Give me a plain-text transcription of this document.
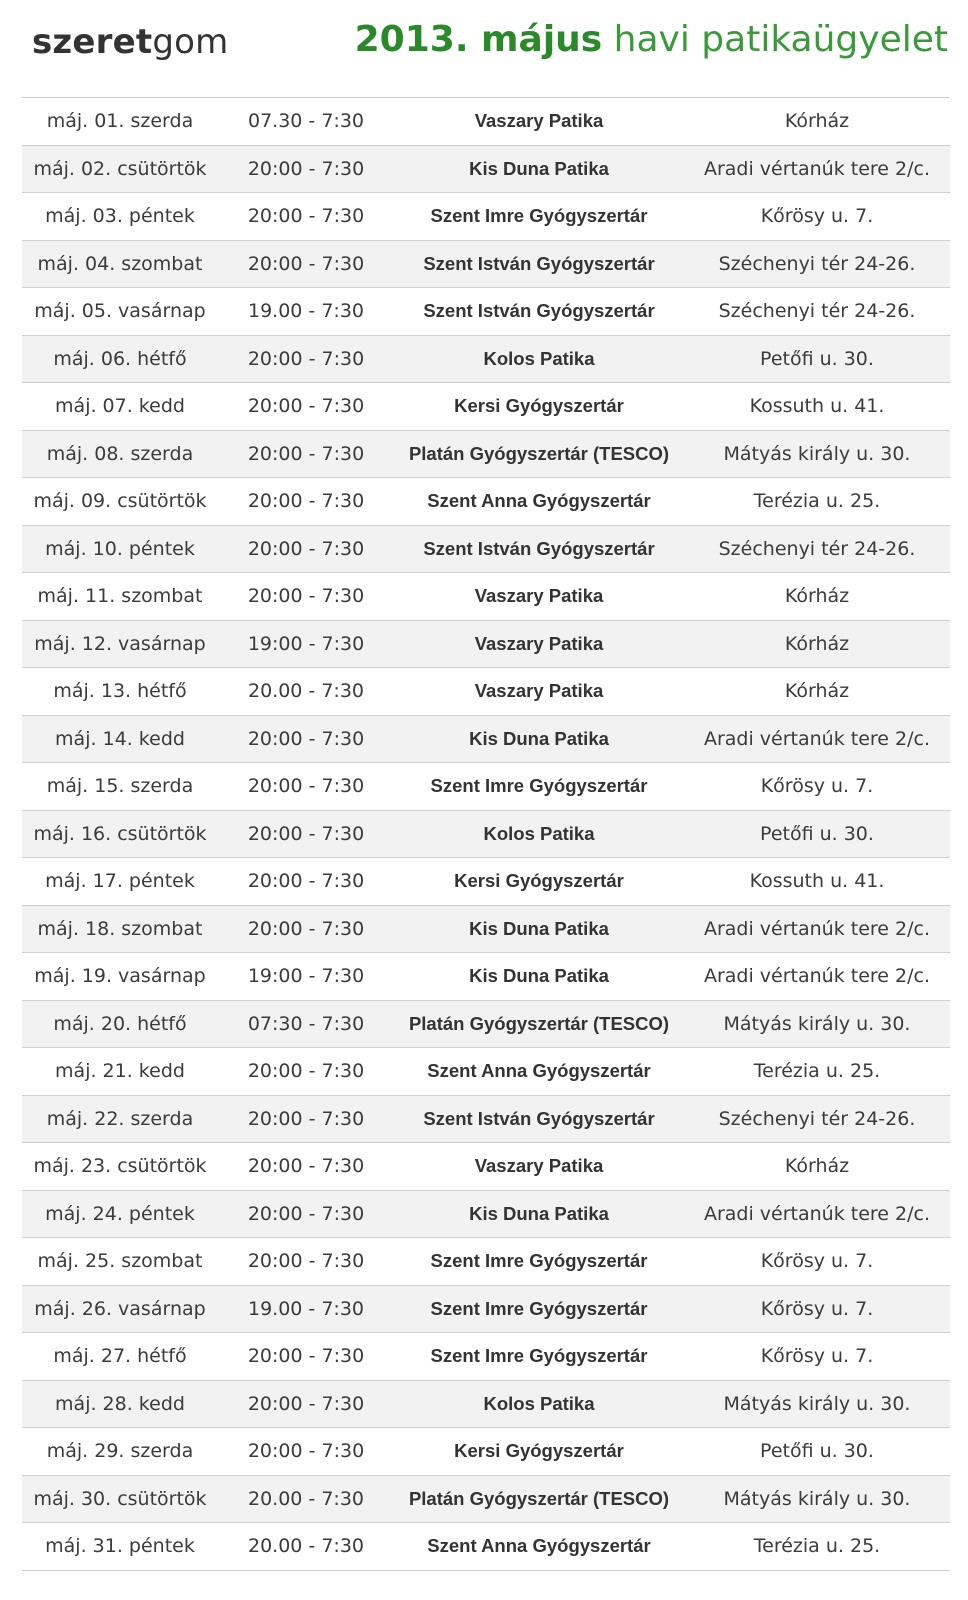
szeretgom	2013. május havi patikaügyelet
máj. 01. szerda	07.30 - 7:30	Vaszary Patika	Kórház
máj. 02. csütörtök	20:00 - 7:30	Kis Duna Patika	Aradi vértanúk tere 2/c.
máj. 03. péntek	20:00 - 7:30	Szent Imre Gyógyszertár	Kőrösy u. 7.
máj. 04. szombat	20:00 - 7:30	Szent István Gyógyszertár	Széchenyi tér 24-26.
máj. 05. vasárnap	19.00 - 7:30	Szent István Gyógyszertár	Széchenyi tér 24-26.
máj. 06. hétfő	20:00 - 7:30	Kolos Patika	Petőfi u. 30.
máj. 07. kedd	20:00 - 7:30	Kersi Gyógyszertár	Kossuth u. 41.
máj. 08. szerda	20:00 - 7:30	Platán Gyógyszertár (TESCO)	Mátyás király u. 30.
máj. 09. csütörtök	20:00 - 7:30	Szent Anna Gyógyszertár	Terézia u. 25.
máj. 10. péntek	20:00 - 7:30	Szent István Gyógyszertár	Széchenyi tér 24-26.
máj. 11. szombat	20:00 - 7:30	Vaszary Patika	Kórház
máj. 12. vasárnap	19:00 - 7:30	Vaszary Patika	Kórház
máj. 13. hétfő	20.00 - 7:30	Vaszary Patika	Kórház
máj. 14. kedd	20:00 - 7:30	Kis Duna Patika	Aradi vértanúk tere 2/c.
máj. 15. szerda	20:00 - 7:30	Szent Imre Gyógyszertár	Kőrösy u. 7.
máj. 16. csütörtök	20:00 - 7:30	Kolos Patika	Petőfi u. 30.
máj. 17. péntek	20:00 - 7:30	Kersi Gyógyszertár	Kossuth u. 41.
máj. 18. szombat	20:00 - 7:30	Kis Duna Patika	Aradi vértanúk tere 2/c.
máj. 19. vasárnap	19:00 - 7:30	Kis Duna Patika	Aradi vértanúk tere 2/c.
máj. 20. hétfő	07:30 - 7:30	Platán Gyógyszertár (TESCO)	Mátyás király u. 30.
máj. 21. kedd	20:00 - 7:30	Szent Anna Gyógyszertár	Terézia u. 25.
máj. 22. szerda	20:00 - 7:30	Szent István Gyógyszertár	Széchenyi tér 24-26.
máj. 23. csütörtök	20:00 - 7:30	Vaszary Patika	Kórház
máj. 24. péntek	20:00 - 7:30	Kis Duna Patika	Aradi vértanúk tere 2/c.
máj. 25. szombat	20:00 - 7:30	Szent Imre Gyógyszertár	Kőrösy u. 7.
máj. 26. vasárnap	19.00 - 7:30	Szent Imre Gyógyszertár	Kőrösy u. 7.
máj. 27. hétfő	20:00 - 7:30	Szent Imre Gyógyszertár	Kőrösy u. 7.
máj. 28. kedd	20:00 - 7:30	Kolos Patika	Mátyás király u. 30.
máj. 29. szerda	20:00 - 7:30	Kersi Gyógyszertár	Petőfi u. 30.
máj. 30. csütörtök	20.00 - 7:30	Platán Gyógyszertár (TESCO)	Mátyás király u. 30.
máj. 31. péntek	20.00 - 7:30	Szent Anna Gyógyszertár	Terézia u. 25.
